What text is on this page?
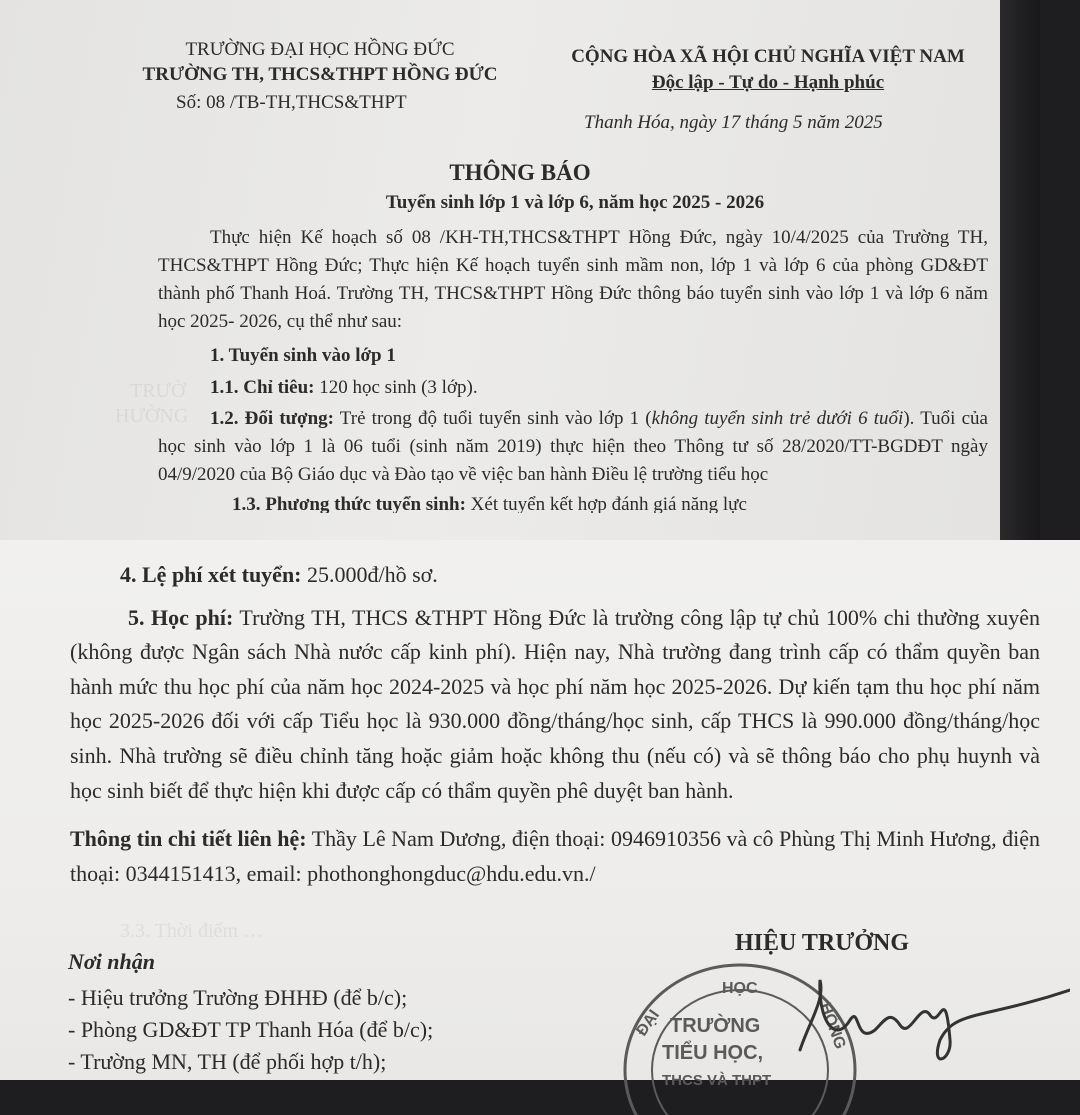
TRƯỜNG ĐẠI HỌC HỒNG ĐỨC
TRƯỜNG TH, THCS&THPT HỒNG ĐỨC
Số: 08 /TB-TH,THCS&THPT
CỘNG HÒA XÃ HỘI CHỦ NGHĨA VIỆT NAM
Độc lập - Tự do - Hạnh phúc
Thanh Hóa, ngày 17 tháng 5 năm 2025
THÔNG BÁO
Tuyển sinh lớp 1 và lớp 6, năm học 2025 - 2026
TRƯỜ
HƯỜNG

Thực hiện Kế hoạch số 08 /KH-TH,THCS&THPT Hồng Đức, ngày 10/4/2025 của Trường TH, THCS&THPT Hồng Đức; Thực hiện Kế hoạch tuyển sinh mầm non, lớp 1 và lớp 6 của phòng GD&ĐT thành phố Thanh Hoá. Trường TH, THCS&THPT Hồng Đức thông báo tuyển sinh vào lớp 1 và lớp 6 năm học 2025- 2026, cụ thể như sau:

1. Tuyển sinh vào lớp 1

1.1. Chỉ tiêu: 120 học sinh (3 lớp).

1.2. Đối tượng: Trẻ trong độ tuổi tuyển sinh vào lớp 1 (không tuyển sinh trẻ dưới 6 tuổi). Tuổi của học sinh vào lớp 1 là 06 tuổi (sinh năm 2019) thực hiện theo Thông tư số 28/2020/TT-BGDĐT ngày 04/9/2020 của Bộ Giáo dục và Đào tạo về việc ban hành Điều lệ trường tiểu học

1.3. Phương thức tuyển sinh: Xét tuyển kết hợp đánh giá năng lực

3.3. Thời điểm …

4. Lệ phí xét tuyển: 25.000đ/hồ sơ.

5. Học phí: Trường TH, THCS &THPT Hồng Đức là trường công lập tự chủ 100% chi thường xuyên (không được Ngân sách Nhà nước cấp kinh phí). Hiện nay, Nhà trường đang trình cấp có thẩm quyền ban hành mức thu học phí của năm học 2024-2025 và học phí năm học 2025-2026. Dự kiến tạm thu học phí năm học 2025-2026 đối với cấp Tiểu học là 930.000 đồng/tháng/học sinh, cấp THCS là 990.000 đồng/tháng/học sinh. Nhà trường sẽ điều chỉnh tăng hoặc giảm hoặc không thu (nếu có) và sẽ thông báo cho phụ huynh và học sinh biết để thực hiện khi được cấp có thẩm quyền phê duyệt ban hành.

Thông tin chi tiết liên hệ: Thầy Lê Nam Dương, điện thoại: 0946910356 và cô Phùng Thị Minh Hương, điện thoại: 0344151413, email: phothonghongduc@hdu.edu.vn./

Nơi nhận

- Hiệu trưởng Trường ĐHHĐ (để b/c);

- Phòng GD&ĐT TP Thanh Hóa (để b/c);

- Trường MN, TH (để phối hợp t/h);

HIỆU TRƯỞNG
HỌC
ĐẠI	HỒNG
TRƯỜNG
TIỂU HỌC,
THCS VÀ THPT
